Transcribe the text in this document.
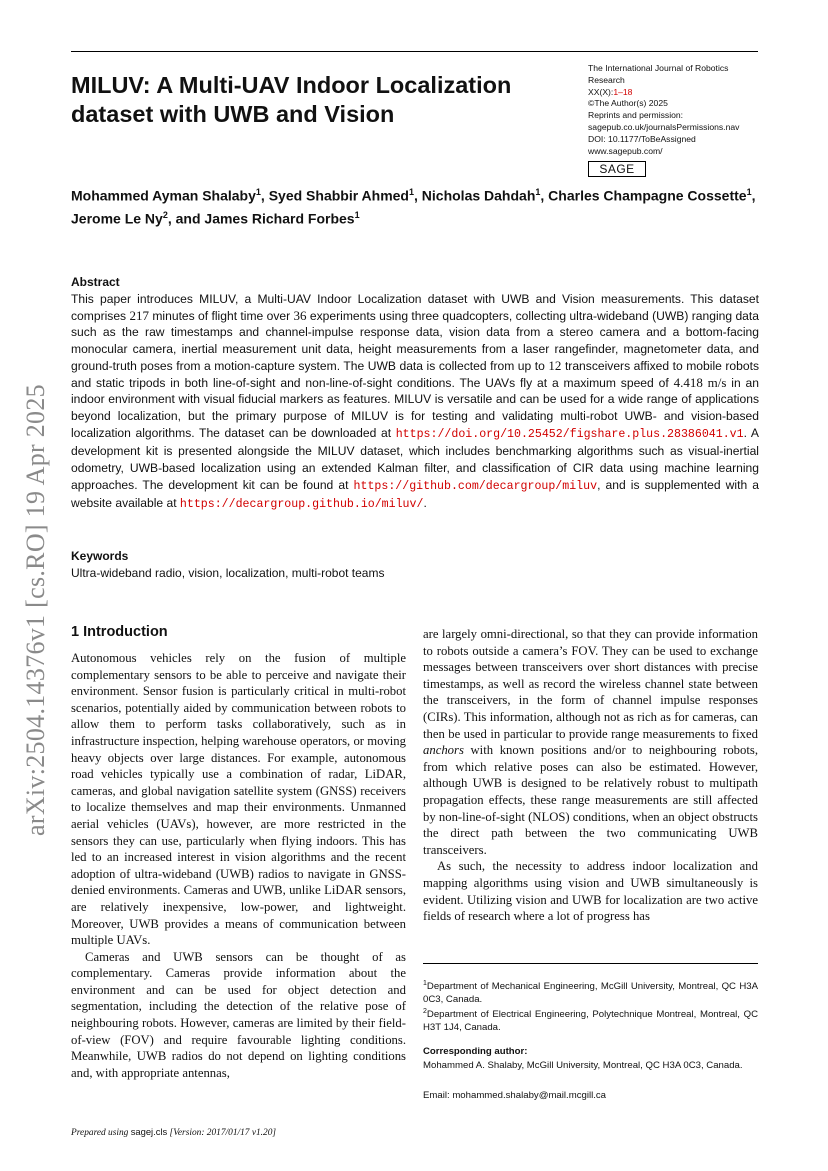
MILUV: A Multi-UAV Indoor Localization
dataset with UWB and Vision
The International Journal of Robotics Research
XX(X):1–18
©The Author(s) 2025
Reprints and permission:
sagepub.co.uk/journalsPermissions.nav
DOI: 10.1177/ToBeAssigned
www.sagepub.com/
SAGE
Mohammed Ayman Shalaby$^1$, Syed Shabbir Ahmed$^1$, Nicholas Dahdah$^1$, Charles Champagne Cossette$^1$, Jerome Le Ny$^2$, and James Richard Forbes$^1$
Abstract
This paper introduces MILUV, a Multi-UAV Indoor Localization dataset with UWB and Vision measurements. This dataset comprises 217 minutes of flight time over 36 experiments using three quadcopters, collecting ultra-wideband (UWB) ranging data such as the raw timestamps and channel-impulse response data, vision data from a stereo camera and a bottom-facing monocular camera, inertial measurement unit data, height measurements from a laser rangefinder, magnetometer data, and ground-truth poses from a motion-capture system. The UWB data is collected from up to 12 transceivers affixed to mobile robots and static tripods in both line-of-sight and non-line-of-sight conditions. The UAVs fly at a maximum speed of 4.418 m/s in an indoor environment with visual fiducial markers as features. MILUV is versatile and can be used for a wide range of applications beyond localization, but the primary purpose of MILUV is for testing and validating multi-robot UWB- and vision-based localization algorithms. The dataset can be downloaded at https://doi.org/10.25452/figshare.plus.28386041.v1. A development kit is presented alongside the MILUV dataset, which includes benchmarking algorithms such as visual-inertial odometry, UWB-based localization using an extended Kalman filter, and classification of CIR data using machine learning approaches. The development kit can be found at https://github.com/decargroup/miluv, and is supplemented with a website available at https://decargroup.github.io/miluv/.
Keywords
Ultra-wideband radio, vision, localization, multi-robot teams
arXiv:2504.14376v1 [cs.RO] 19 Apr 2025 1 Introduction

Autonomous vehicles rely on the fusion of multiple complementary sensors to be able to perceive and navigate their environment. Sensor fusion is particularly critical in multi-robot scenarios, potentially aided by communication between robots to allow them to perform tasks collaboratively, such as in infrastructure inspection, helping warehouse operators, or moving heavy objects over large distances. For example, autonomous road vehicles typically use a combination of radar, LiDAR, cameras, and global navigation satellite system (GNSS) receivers to localize themselves and map their environments. Unmanned aerial vehicles (UAVs), however, are more restricted in the sensors they can use, particularly when flying indoors. This has led to an increased interest in vision algorithms and the recent adoption of ultra-wideband (UWB) radios to navigate in GNSS-denied environments. Cameras and UWB, unlike LiDAR sensors, are relatively inexpensive, low-power, and lightweight. Moreover, UWB provides a means of communication between multiple UAVs.

Cameras and UWB sensors can be thought of as complementary. Cameras provide information about the environment and can be used for object detection and segmentation, including the detection of the relative pose of neighbouring robots. However, cameras are limited by their field-of-view (FOV) and require favourable lighting conditions. Meanwhile, UWB radios do not depend on lighting conditions and, with appropriate antennas,

are largely omni-directional, so that they can provide information to robots outside a camera’s FOV. They can be used to exchange messages between transceivers over short distances with precise timestamps, as well as record the wireless channel state between the transceivers, in the form of channel impulse responses (CIRs). This information, although not as rich as for cameras, can then be used in particular to provide range measurements to fixed anchors with known positions and/or to neighbouring robots, from which relative poses can also be estimated. However, although UWB is designed to be relatively robust to multipath propagation effects, these range measurements are still affected by non-line-of-sight (NLOS) conditions, when an object obstructs the direct path between the two communicating UWB transceivers.

As such, the necessity to address indoor localization and mapping algorithms using vision and UWB simultaneously is evident. Utilizing vision and UWB for localization are two active fields of research where a lot of progress has

$^1$Department of Mechanical Engineering, McGill University, Montreal, QC H3A 0C3, Canada.
$^2$Department of Electrical Engineering, Polytechnique Montreal, Montreal, QC H3T 1J4, Canada.
Corresponding author:
Mohammed A. Shalaby, McGill University, Montreal, QC H3A 0C3, Canada.
Email: mohammed.shalaby@mail.mcgill.ca
Prepared using sagej.cls [Version: 2017/01/17 v1.20]
